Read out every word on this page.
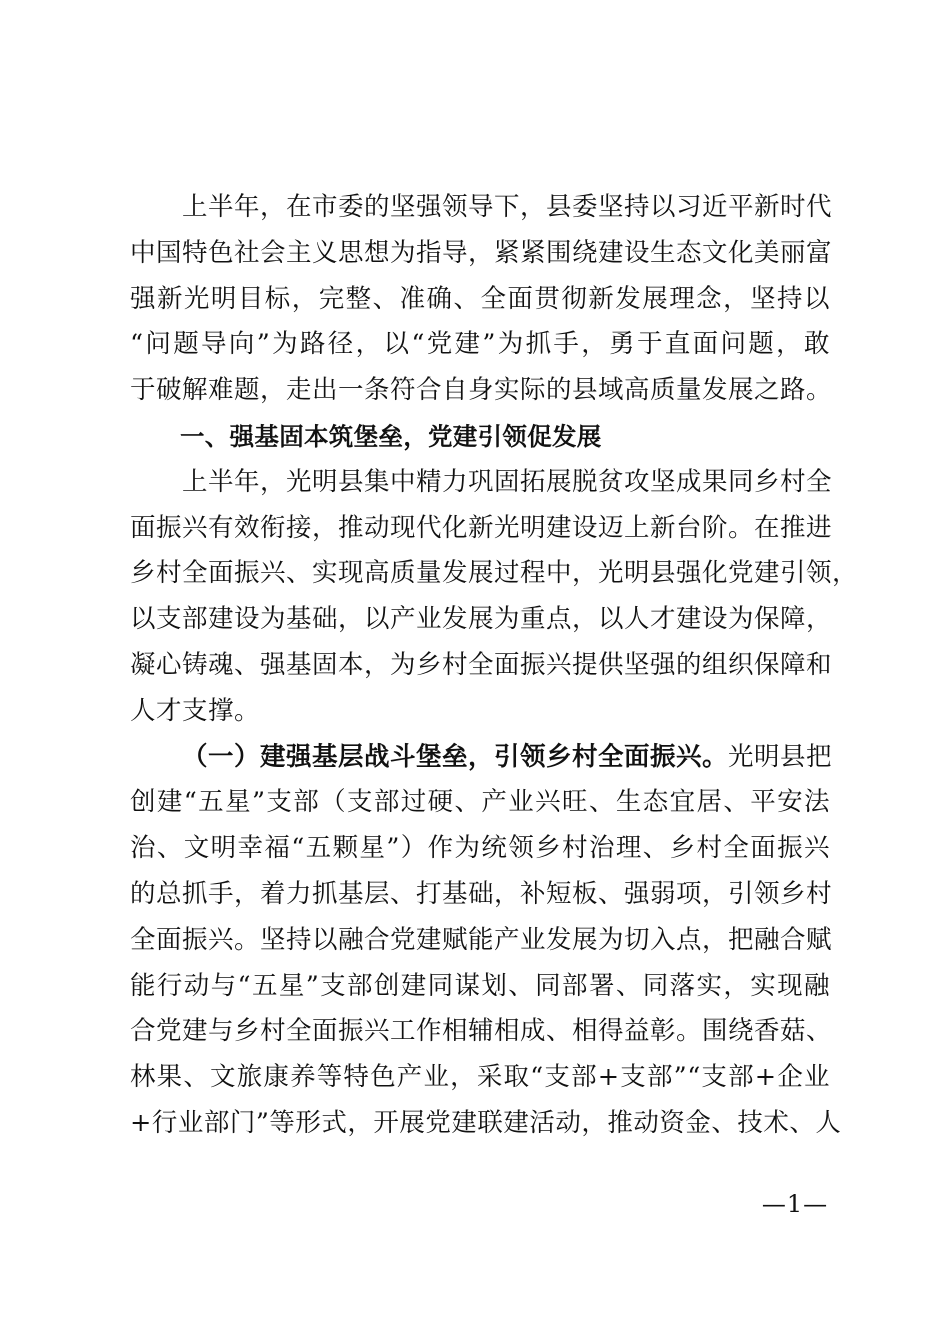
上半年，在市委的坚强领导下，县委坚持以习近平新时代
中国特色社会主义思想为指导，紧紧围绕建设生态文化美丽富
强新光明目标，完整、准确、全面贯彻新发展理念，坚持以
“问题导向”为路径，以“党建”为抓手，勇于直面问题，敢
于破解难题，走出一条符合自身实际的县域高质量发展之路。
一、强基固本筑堡垒，党建引领促发展
上半年，光明县集中精力巩固拓展脱贫攻坚成果同乡村全
面振兴有效衔接，推动现代化新光明建设迈上新台阶。在推进
乡村全面振兴、实现高质量发展过程中，光明县强化党建引领，
以支部建设为基础，以产业发展为重点，以人才建设为保障，
凝心铸魂、强基固本，为乡村全面振兴提供坚强的组织保障和
人才支撑。
（一）建强基层战斗堡垒，引领乡村全面振兴。光明县把
创建“五星”支部（支部过硬、产业兴旺、生态宜居、平安法
治、文明幸福“五颗星”）作为统领乡村治理、乡村全面振兴
的总抓手，着力抓基层、打基础，补短板、强弱项，引领乡村
全面振兴。坚持以融合党建赋能产业发展为切入点，把融合赋
能行动与“五星”支部创建同谋划、同部署、同落实，实现融
合党建与乡村全面振兴工作相辅相成、相得益彰。围绕香菇、
林果、文旅康养等特色产业，采取“支部+支部”“支部+企业
+行业部门”等形式，开展党建联建活动，推动资金、技术、人
—1—
